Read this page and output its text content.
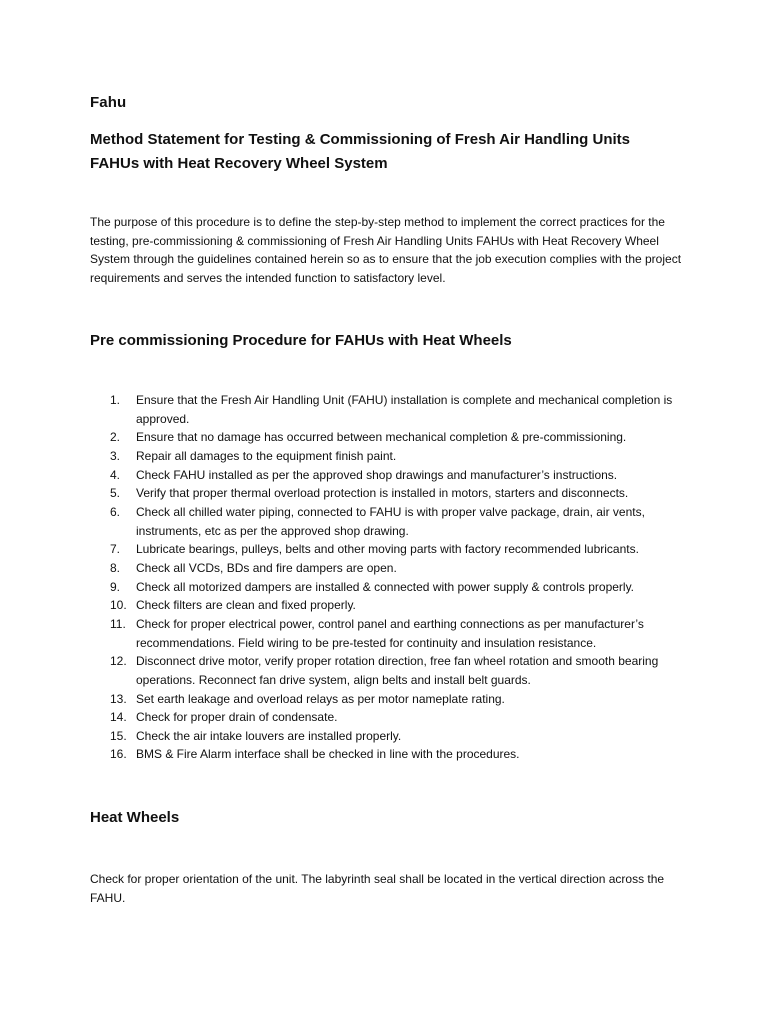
Fahu
Method Statement for Testing & Commissioning of Fresh Air Handling Units
FAHUs with Heat Recovery Wheel System
The purpose of this procedure is to define the step-by-step method to implement the correct practices for the testing, pre-commissioning & commissioning of Fresh Air Handling Units FAHUs with Heat Recovery Wheel System through the guidelines contained herein so as to ensure that the job execution complies with the project requirements and serves the intended function to satisfactory level.
Pre commissioning Procedure for FAHUs with Heat Wheels
1.	Ensure that the Fresh Air Handling Unit (FAHU) installation is complete and mechanical completion is approved.
2.	Ensure that no damage has occurred between mechanical completion & pre-commissioning.
3.	Repair all damages to the equipment finish paint.
4.	Check FAHU installed as per the approved shop drawings and manufacturer’s instructions.
5.	Verify that proper thermal overload protection is installed in motors, starters and disconnects.
6.	Check all chilled water piping, connected to FAHU is with proper valve package, drain, air vents, instruments, etc as per the approved shop drawing.
7.	Lubricate bearings, pulleys, belts and other moving parts with factory recommended lubricants.
8.	Check all VCDs, BDs and fire dampers are open.
9.	Check all motorized dampers are installed & connected with power supply & controls properly.
10. Check filters are clean and fixed properly.
11. Check for proper electrical power, control panel and earthing connections as per manufacturer’s recommendations. Field wiring to be pre-tested for continuity and insulation resistance.
12. Disconnect drive motor, verify proper rotation direction, free fan wheel rotation and smooth bearing operations. Reconnect fan drive system, align belts and install belt guards.
13. Set earth leakage and overload relays as per motor nameplate rating.
14. Check for proper drain of condensate.
15. Check the air intake louvers are installed properly.
16. BMS & Fire Alarm interface shall be checked in line with the procedures.
Heat Wheels
Check for proper orientation of the unit. The labyrinth seal shall be located in the vertical direction across the FAHU.
